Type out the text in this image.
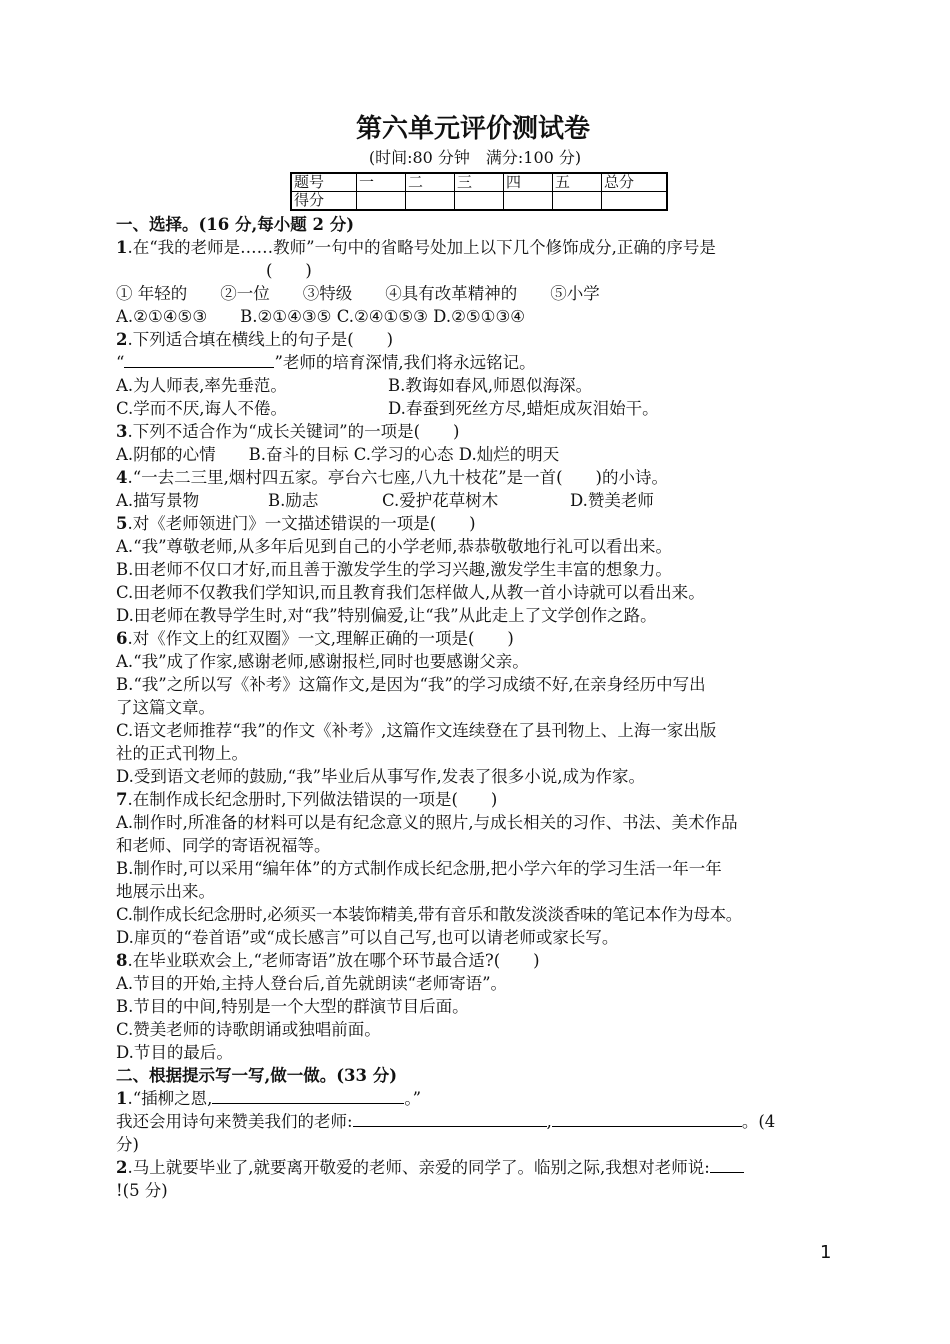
第六单元评价测试卷
(时间:80 分钟　满分:100 分)
题号	一	二	三	四	五	总分
得分						
一、选择。(16 分,每小题 2 分)
1.在“我的老师是……教师”一句中的省略号处加上以下几个修饰成分,正确的序号是
(　　)
① 年轻的　　②一位　　③特级　　④具有改革精神的　　⑤小学
A.②①④⑤③　　B.②①④③⑤ C.②④①⑤③ D.②⑤①③④
2.下列适合填在横线上的句子是(　　)
“	”老师的培育深情,我们将永远铭记。
A.为人师表,率先垂范。	B.教诲如春风,师恩似海深。
C.学而不厌,诲人不倦。	D.春蚕到死丝方尽,蜡炬成灰泪始干。
3.下列不适合作为“成长关键词”的一项是(　　)
A.阴郁的心情　　B.奋斗的目标 C.学习的心态 D.灿烂的明天
4.“一去二三里,烟村四五家。亭台六七座,八九十枝花”是一首(　　)的小诗。
A.描写景物	B.励志	C.爱护花草树木	D.赞美老师
5.对《老师领进门》一文描述错误的一项是(　　)
A.“我”尊敬老师,从多年后见到自己的小学老师,恭恭敬敬地行礼可以看出来。
B.田老师不仅口才好,而且善于激发学生的学习兴趣,激发学生丰富的想象力。
C.田老师不仅教我们学知识,而且教育我们怎样做人,从教一首小诗就可以看出来。
D.田老师在教导学生时,对“我”特别偏爱,让“我”从此走上了文学创作之路。
6.对《作文上的红双圈》一文,理解正确的一项是(　　)
A.“我”成了作家,感谢老师,感谢报栏,同时也要感谢父亲。
B.“我”之所以写《补考》这篇作文,是因为“我”的学习成绩不好,在亲身经历中写出
了这篇文章。
C.语文老师推荐“我”的作文《补考》,这篇作文连续登在了县刊物上、上海一家出版
社的正式刊物上。
D.受到语文老师的鼓励,“我”毕业后从事写作,发表了很多小说,成为作家。
7.在制作成长纪念册时,下列做法错误的一项是(　　)
A.制作时,所准备的材料可以是有纪念意义的照片,与成长相关的习作、书法、美术作品
和老师、同学的寄语祝福等。
B.制作时,可以采用“编年体”的方式制作成长纪念册,把小学六年的学习生活一年一年
地展示出来。
C.制作成长纪念册时,必须买一本装饰精美,带有音乐和散发淡淡香味的笔记本作为母本。
D.扉页的“卷首语”或“成长感言”可以自己写,也可以请老师或家长写。
8.在毕业联欢会上,“老师寄语”放在哪个环节最合适?(　　)
A.节目的开始,主持人登台后,首先就朗读“老师寄语”。
B.节目的中间,特别是一个大型的群演节目后面。
C.赞美老师的诗歌朗诵或独唱前面。
D.节目的最后。
二、根据提示写一写,做一做。(33 分)
1.“插柳之恩,	。”
我还会用诗句来赞美我们的老师:	,	。(4
分)
2.马上就要毕业了,就要离开敬爱的老师、亲爱的同学了。临别之际,我想对老师说:
!(5 分)
1
